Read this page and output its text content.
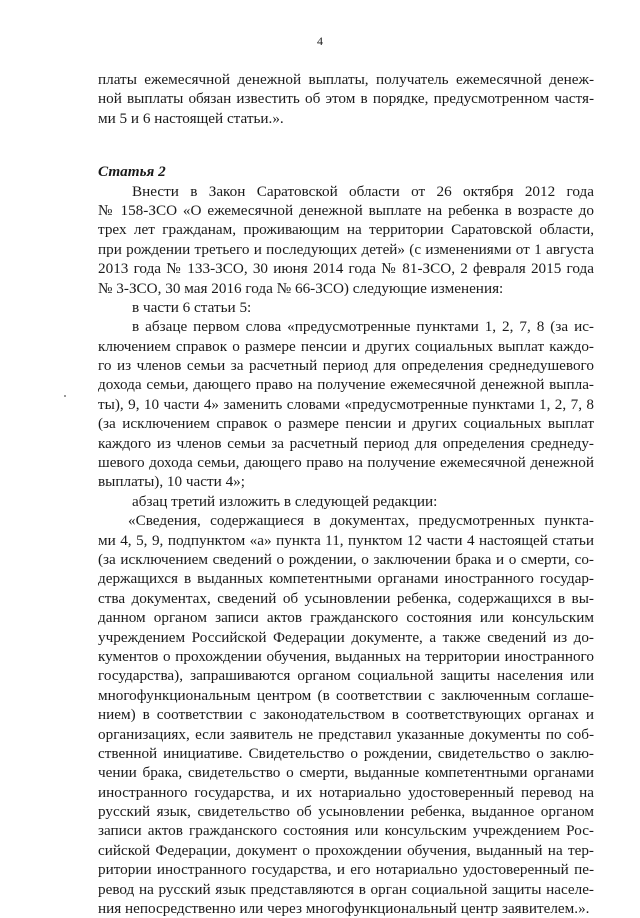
4
платы ежемесячной денежной выплаты, получатель ежемесячной денеж-
ной выплаты обязан известить об этом в порядке, предусмотренном частя-
ми 5 и 6 настоящей статьи.».
Статья 2
Внести в Закон Саратовской области от 26 октября 2012 года
№ 158-ЗСО «О ежемесячной денежной выплате на ребенка в возрасте до
трех лет гражданам, проживающим на территории Саратовской области,
при рождении третьего и последующих детей» (с изменениями от 1 августа
2013 года № 133-ЗСО, 30 июня 2014 года № 81-ЗСО, 2 февраля 2015 года
№ 3-ЗСО, 30 мая 2016 года № 66-ЗСО) следующие изменения:
в части 6 статьи 5:
в абзаце первом слова «предусмотренные пунктами 1, 2, 7, 8 (за ис-
ключением справок о размере пенсии и других социальных выплат каждо-
го из членов семьи за расчетный период для определения среднедушевого
дохода семьи, дающего право на получение ежемесячной денежной выпла-
ты), 9, 10 части 4» заменить словами «предусмотренные пунктами 1, 2, 7, 8
(за исключением справок о размере пенсии и других социальных выплат
каждого из членов семьи за расчетный период для определения среднеду-
шевого дохода семьи, дающего право на получение ежемесячной денежной
выплаты), 10 части 4»;
абзац третий изложить в следующей редакции:
«Сведения, содержащиеся в документах, предусмотренных пункта-
ми 4, 5, 9, подпунктом «а» пункта 11, пунктом 12 части 4 настоящей статьи
(за исключением сведений о рождении, о заключении брака и о смерти, со-
держащихся в выданных компетентными органами иностранного государ-
ства документах, сведений об усыновлении ребенка, содержащихся в вы-
данном органом записи актов гражданского состояния или консульским
учреждением Российской Федерации документе, а также сведений из до-
кументов о прохождении обучения, выданных на территории иностранного
государства), запрашиваются органом социальной защиты населения или
многофункциональным центром (в соответствии с заключенным соглаше-
нием) в соответствии с законодательством в соответствующих органах и
организациях, если заявитель не представил указанные документы по соб-
ственной инициативе. Свидетельство о рождении, свидетельство о заклю-
чении брака, свидетельство о смерти, выданные компетентными органами
иностранного государства, и их нотариально удостоверенный перевод на
русский язык, свидетельство об усыновлении ребенка, выданное органом
записи актов гражданского состояния или консульским учреждением Рос-
сийской Федерации, документ о прохождении обучения, выданный на тер-
ритории иностранного государства, и его нотариально удостоверенный пе-
ревод на русский язык представляются в орган социальной защиты населе-
ния непосредственно или через многофункциональный центр заявителем.».
